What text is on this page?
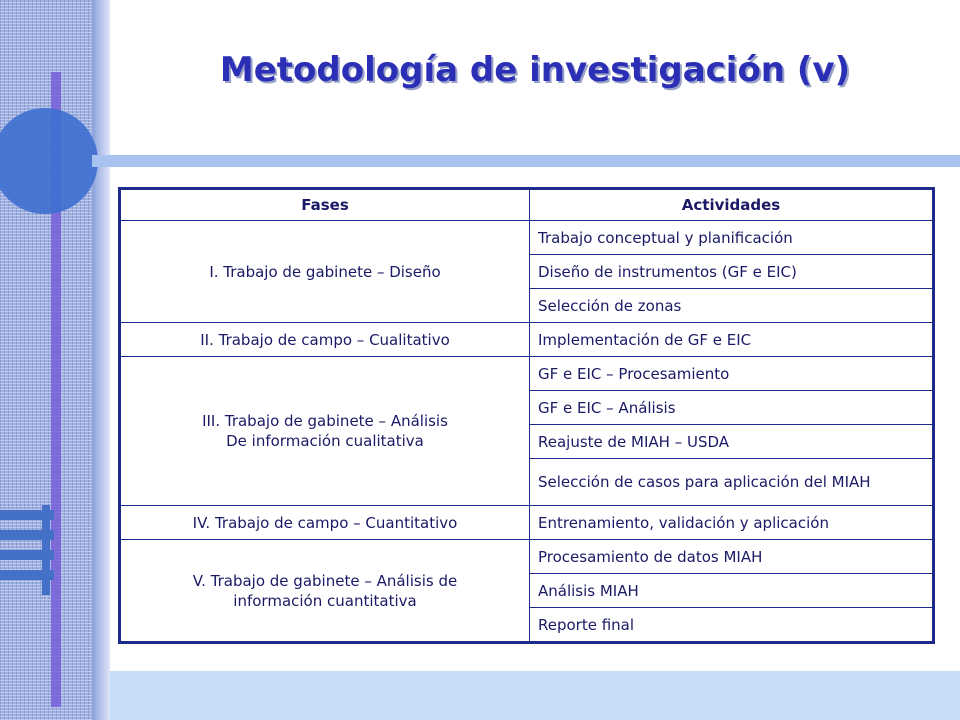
Metodología de investigación (v)
Fases	Actividades

I. Trabajo de gabinete – Diseño	Trabajo conceptual y planificación
	Diseño de instrumentos (GF e EIC)
	Selección de zonas

II. Trabajo de campo – Cualitativo	Implementación de GF e EIC

III. Trabajo de gabinete – Análisis
De información cualitativa	GF e EIC – Procesamiento
	GF e EIC – Análisis
	Reajuste de MIAH – USDA
	Selección de casos para aplicación del MIAH

IV. Trabajo de campo – Cuantitativo	Entrenamiento, validación y aplicación

V. Trabajo de gabinete – Análisis de
información cuantitativa	Procesamiento de datos MIAH
	Análisis MIAH
	Reporte final
